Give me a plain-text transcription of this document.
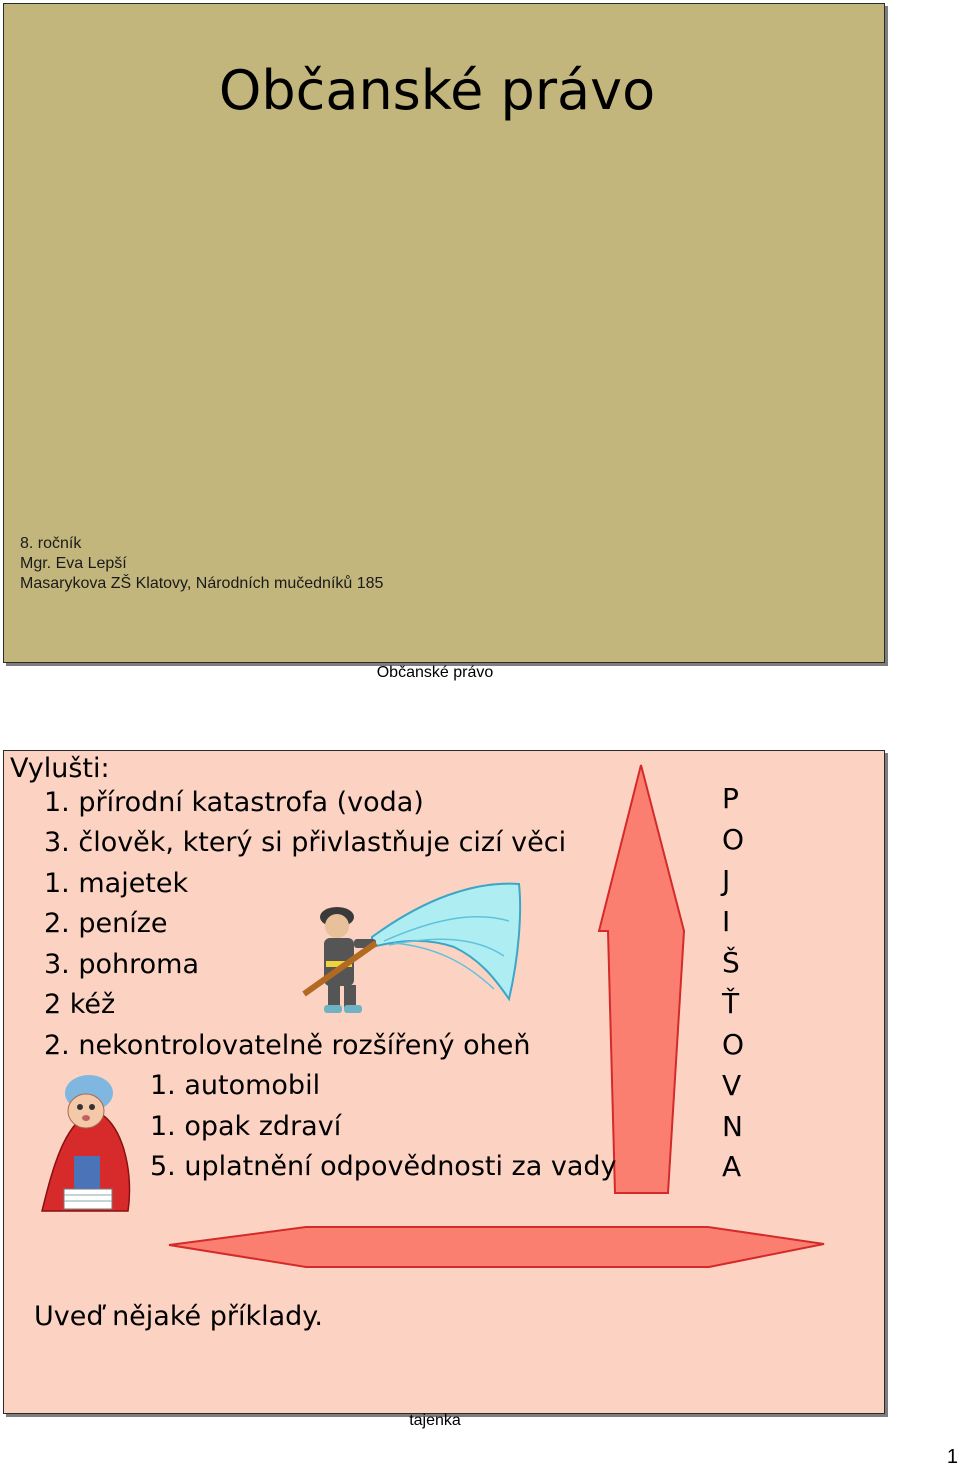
Občanské právo
8. ročník
Mgr. Eva Lepší
Masarykova ZŠ Klatovy, Národních mučedníků 185
Občanské právo
Vylušti:
1. přírodní katastrofa (voda)
3. člověk, který si přivlastňuje cizí věci
1. majetek
2. peníze
3. pohroma
2 kéž
2. nekontrolovatelně rozšířený oheň
1. automobil
1. opak zdraví
5. uplatnění odpovědnosti za vady
P
O
J
I
Š
Ť
O
V
N
A
Uveď nějaké příklady.
tajenka
1
